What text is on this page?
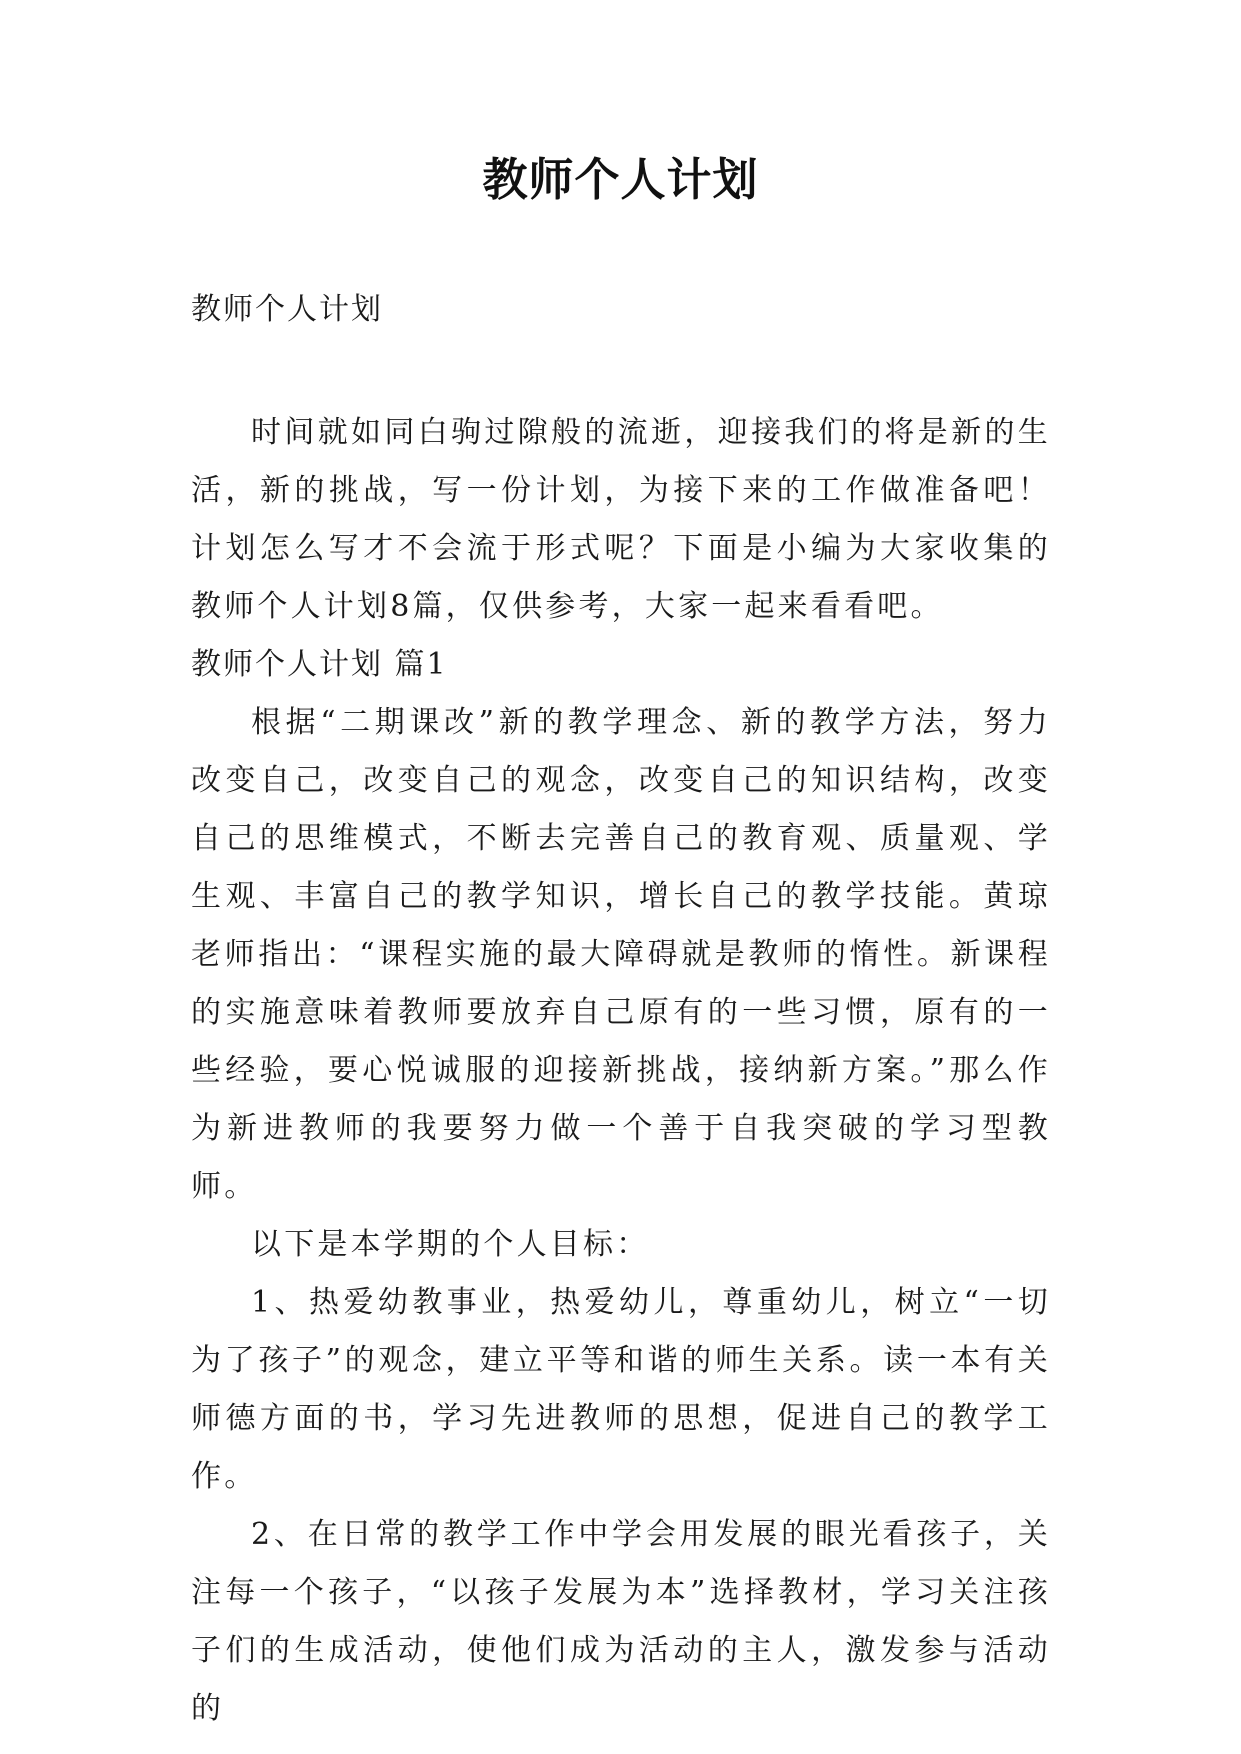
教师个人计划

教师个人计划

时间就如同白驹过隙般的流逝，迎接我们的将是新的生活，新的挑战，写一份计划，为接下来的工作做准备吧！计划怎么写才不会流于形式呢？下面是小编为大家收集的教师个人计划8篇，仅供参考，大家一起来看看吧。

教师个人计划 篇1

根据“二期课改”新的教学理念、新的教学方法，努力改变自己，改变自己的观念，改变自己的知识结构，改变自己的思维模式，不断去完善自己的教育观、质量观、学生观、丰富自己的教学知识，增长自己的教学技能。黄琼老师指出：“课程实施的最大障碍就是教师的惰性。新课程的实施意味着教师要放弃自己原有的一些习惯，原有的一些经验，要心悦诚服的迎接新挑战，接纳新方案。”那么作为新进教师的我要努力做一个善于自我突破的学习型教师。

以下是本学期的个人目标：

1、热爱幼教事业，热爱幼儿，尊重幼儿，树立“一切为了孩子”的观念，建立平等和谐的师生关系。读一本有关师德方面的书，学习先进教师的思想，促进自己的教学工作。

2、在日常的教学工作中学会用发展的眼光看孩子，关注每一个孩子，“以孩子发展为本”选择教材，学习关注孩子们的生成活动，使他们成为活动的主人，激发参与活动的
